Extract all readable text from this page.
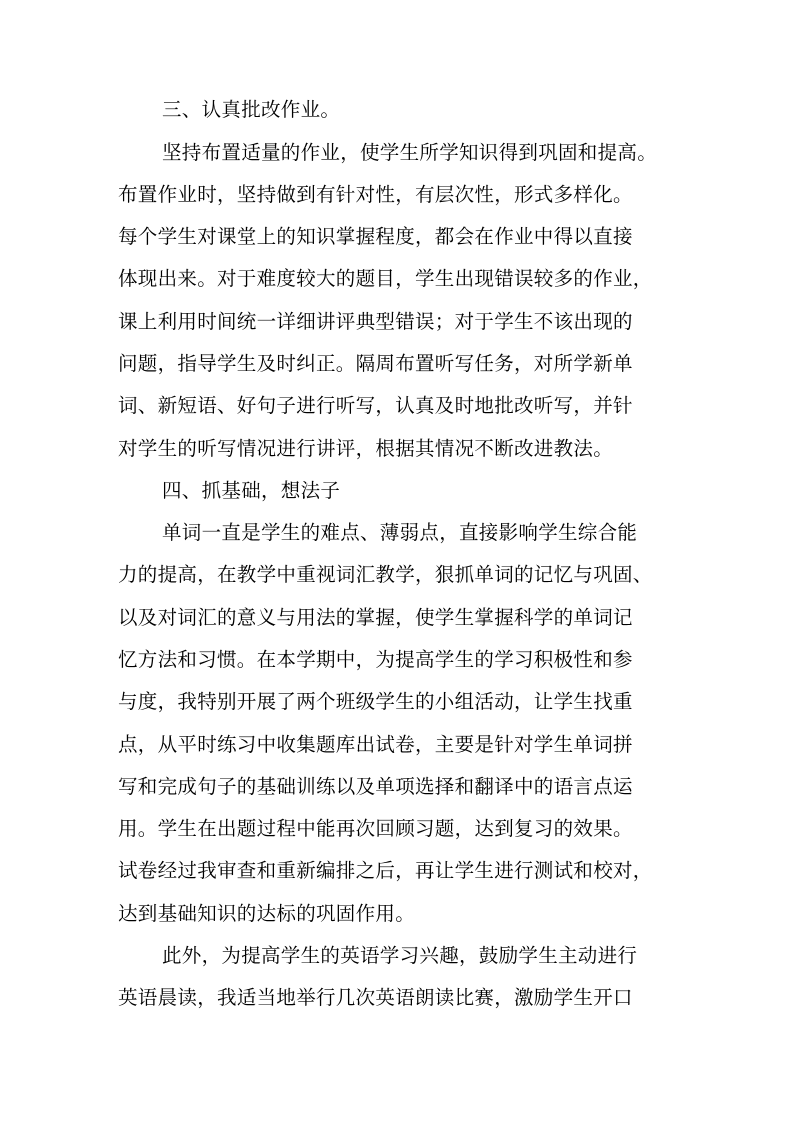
三、认真批改作业。
坚持布置适量的作业，使学生所学知识得到巩固和提高。
布置作业时，坚持做到有针对性，有层次性，形式多样化。
每个学生对课堂上的知识掌握程度，都会在作业中得以直接
体现出来。对于难度较大的题目，学生出现错误较多的作业，
课上利用时间统一详细讲评典型错误；对于学生不该出现的
问题，指导学生及时纠正。隔周布置听写任务，对所学新单
词、新短语、好句子进行听写，认真及时地批改听写，并针
对学生的听写情况进行讲评，根据其情况不断改进教法。
四、抓基础，想法子
单词一直是学生的难点、薄弱点，直接影响学生综合能
力的提高，在教学中重视词汇教学，狠抓单词的记忆与巩固、
以及对词汇的意义与用法的掌握，使学生掌握科学的单词记
忆方法和习惯。在本学期中，为提高学生的学习积极性和参
与度，我特别开展了两个班级学生的小组活动，让学生找重
点，从平时练习中收集题库出试卷，主要是针对学生单词拼
写和完成句子的基础训练以及单项选择和翻译中的语言点运
用。学生在出题过程中能再次回顾习题，达到复习的效果。
试卷经过我审查和重新编排之后，再让学生进行测试和校对，
达到基础知识的达标的巩固作用。
此外，为提高学生的英语学习兴趣，鼓励学生主动进行
英语晨读，我适当地举行几次英语朗读比赛，激励学生开口
